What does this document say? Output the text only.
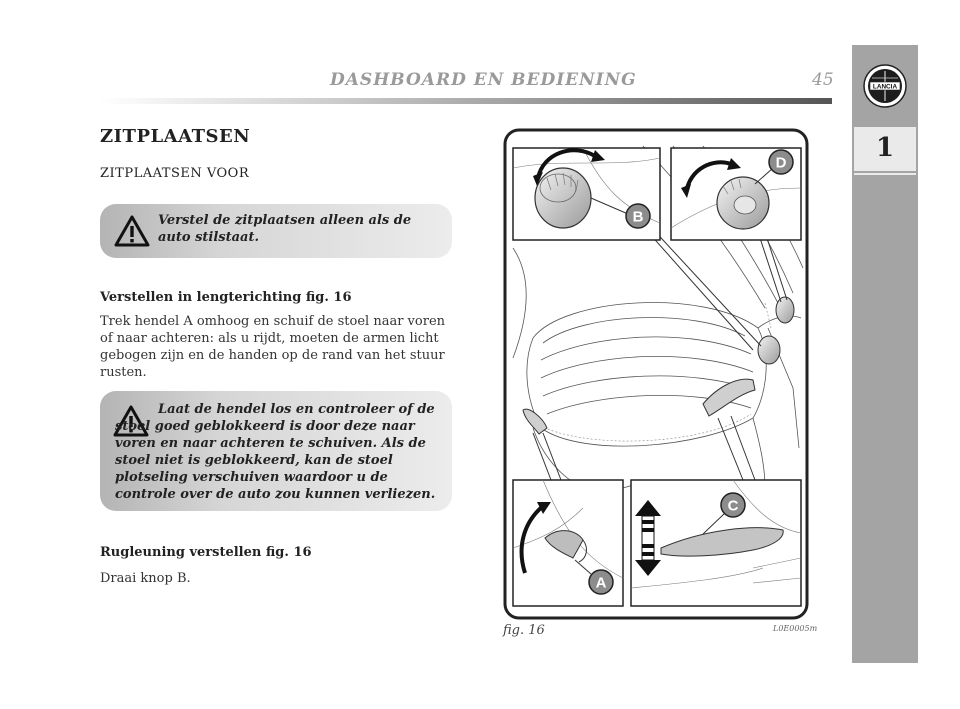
DASHBOARD EN BEDIENING	45	LANCIA
1
ZITPLAATSEN
ZITPLAATSEN VOOR
Verstel de zitplaatsen alleen als de auto stilstaat.
Verstellen in lengterichting fig. 16
Trek hendel A omhoog en schuif de stoel naar voren of naar achteren: als u rijdt, moeten de armen licht gebogen zijn en de handen op de rand van het stuur rusten.
Laat de hendel los en controleer of de stoel goed geblokkeerd is door deze naar voren en naar achteren te schuiven. Als de stoel niet is geblokkeerd, kan de stoel plotseling verschuiven waardoor u de controle over de auto zou kunnen verliezen.
Rugleuning verstellen fig. 16
Draai knop B.
B
D
A
C
fig. 16	L0E0005m
